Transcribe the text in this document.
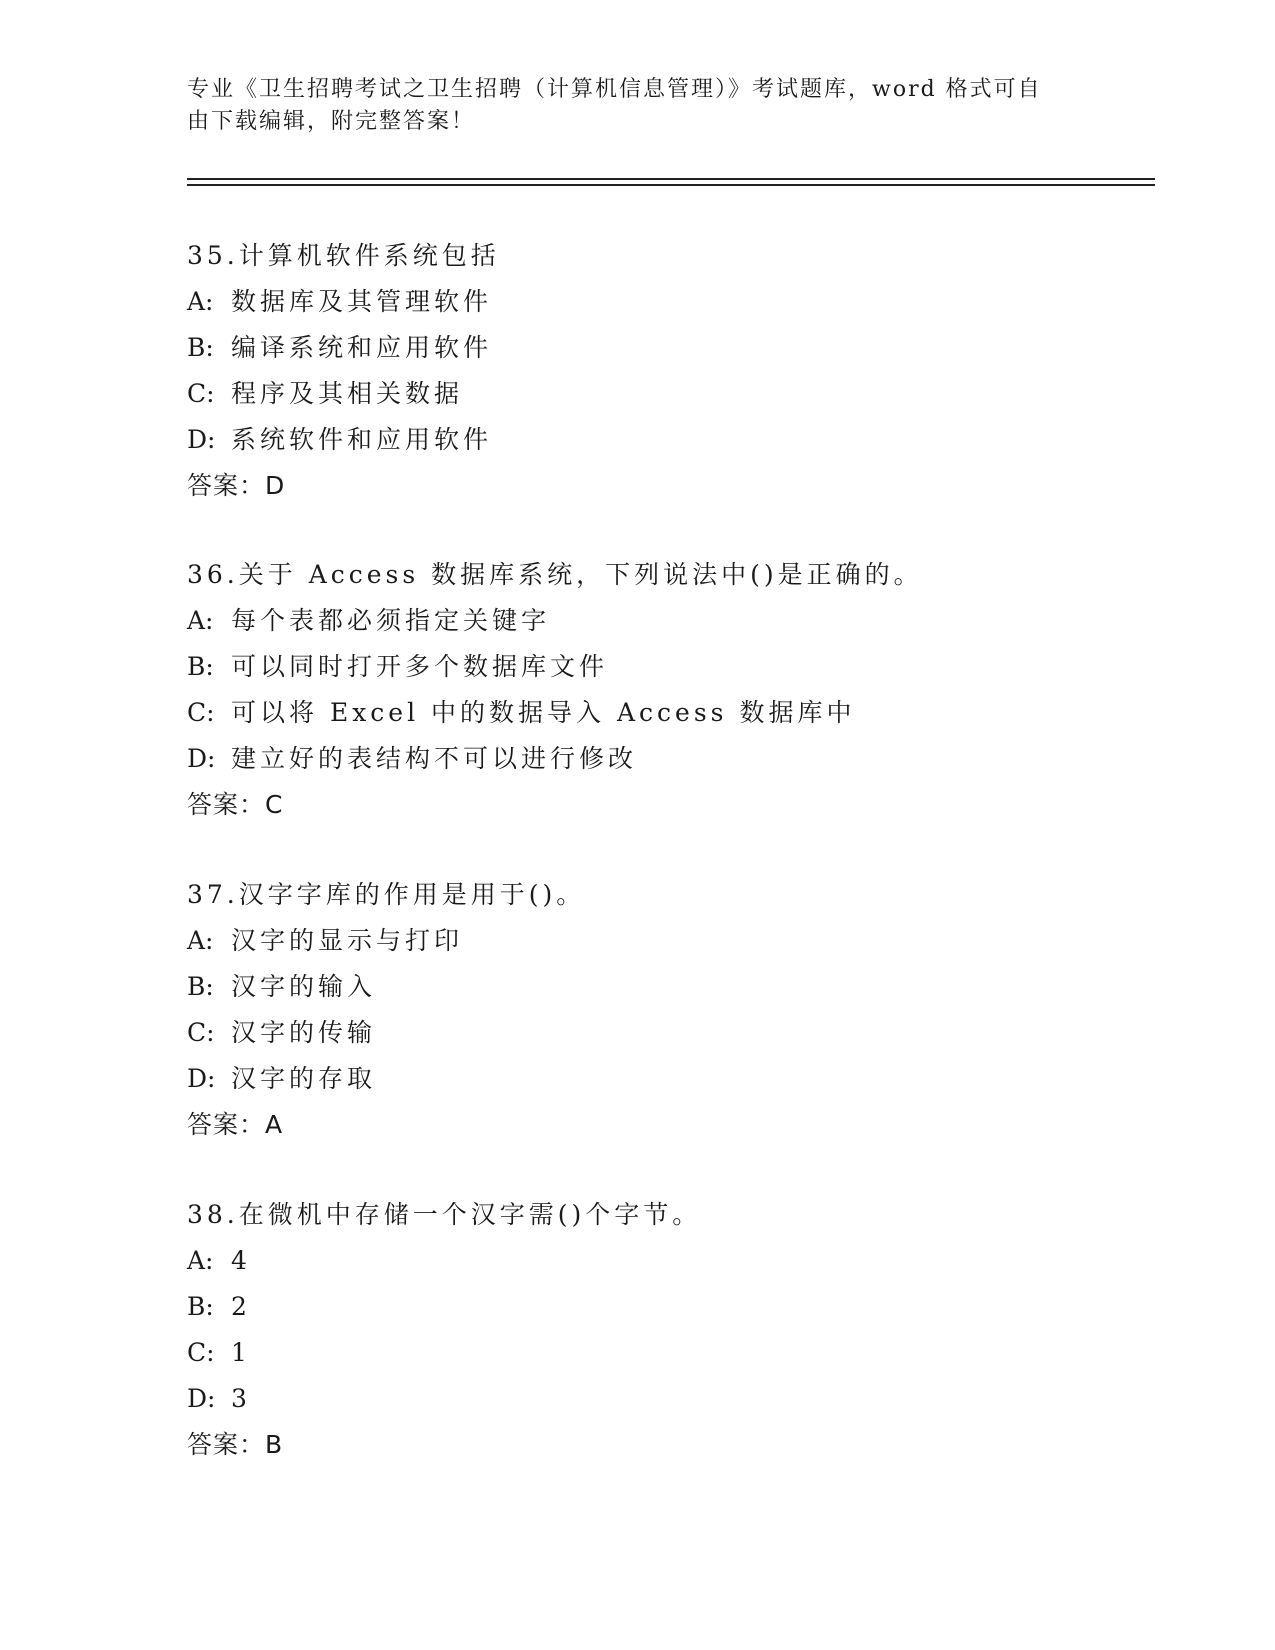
专业《卫生招聘考试之卫生招聘（计算机信息管理）》考试题库，word 格式可自
由下载编辑，附完整答案！
35.计算机软件系统包括
A: 数据库及其管理软件
B: 编译系统和应用软件
C: 程序及其相关数据
D: 系统软件和应用软件
答案：D
36.关于 Access 数据库系统，下列说法中()是正确的。
A: 每个表都必须指定关键字
B: 可以同时打开多个数据库文件
C: 可以将 Excel 中的数据导入 Access 数据库中
D: 建立好的表结构不可以进行修改
答案：C
37.汉字字库的作用是用于()。
A: 汉字的显示与打印
B: 汉字的输入
C: 汉字的传输
D: 汉字的存取
答案：A
38.在微机中存储一个汉字需()个字节。
A: 4
B: 2
C: 1
D: 3
答案：B
